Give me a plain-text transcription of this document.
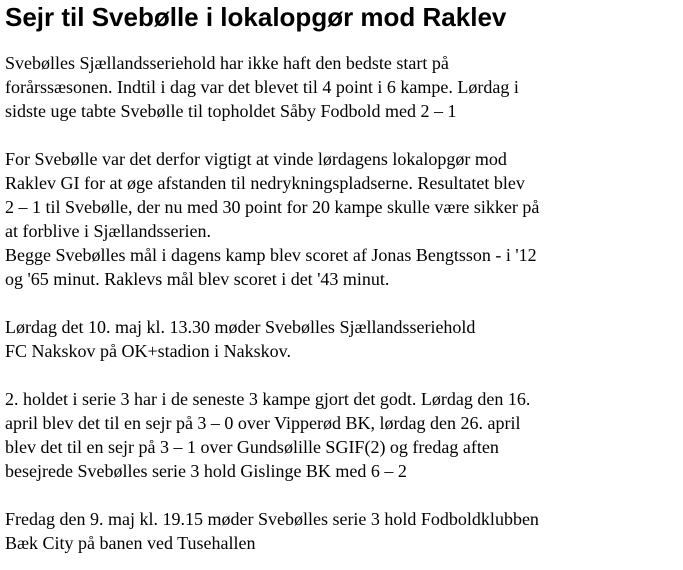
Sejr til Svebølle i lokalopgør mod Raklev

Svebølles Sjællandsseriehold har ikke haft den bedste start på
forårssæsonen. Indtil i dag var det blevet til 4 point i 6 kampe. Lørdag i
sidste uge tabte Svebølle til topholdet Såby Fodbold med 2 – 1

For Svebølle var det derfor vigtigt at vinde lørdagens lokalopgør mod
Raklev GI for at øge afstanden til nedrykningspladserne. Resultatet blev
2 – 1 til Svebølle, der nu med 30 point for 20 kampe skulle være sikker på
at forblive i Sjællandsserien.
Begge Svebølles mål i dagens kamp blev scoret af Jonas Bengtsson - i '12
og '65 minut. Raklevs mål blev scoret i det '43 minut.

Lørdag det 10. maj kl. 13.30 møder Svebølles Sjællandsseriehold
FC Nakskov på OK+stadion i Nakskov.

2. holdet i serie 3 har i de seneste 3 kampe gjort det godt. Lørdag den 16.
april blev det til en sejr på 3 – 0 over Vipperød BK, lørdag den 26. april
blev det til en sejr på 3 – 1 over Gundsølille SGIF(2) og fredag aften
besejrede Svebølles serie 3 hold Gislinge BK med 6 – 2

Fredag den 9. maj kl. 19.15 møder Svebølles serie 3 hold Fodboldklubben
Bæk City på banen ved Tusehallen
